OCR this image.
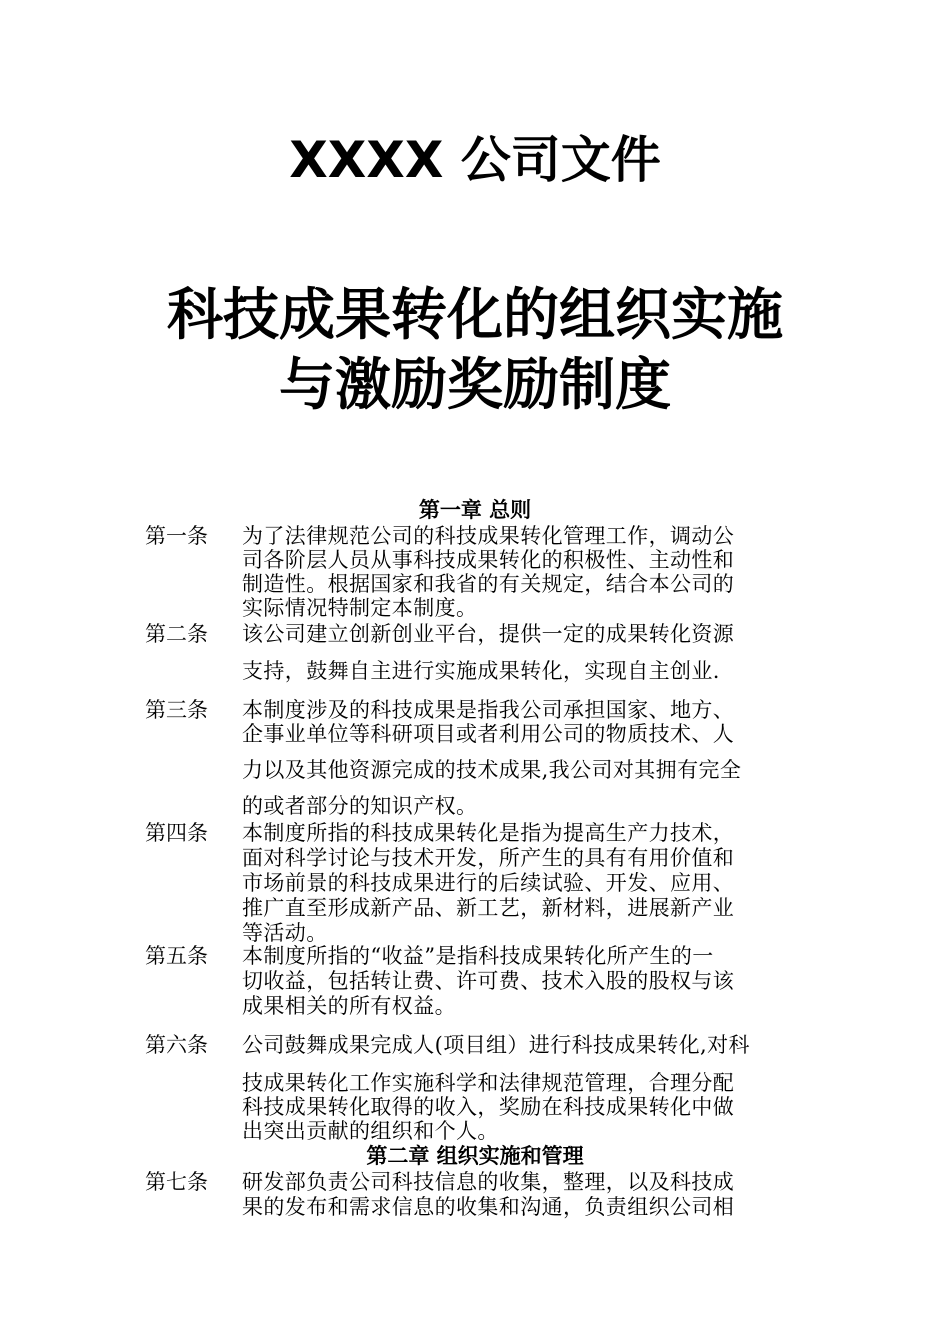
XXXX 公司文件
科技成果转化的组织实施
与激励奖励制度
第一章 总则
第一条 为了法律规范公司的科技成果转化管理工作，调动公
司各阶层人员从事科技成果转化的积极性、主动性和
制造性。根据国家和我省的有关规定，结合本公司的
实际情况特制定本制度。
第二条 该公司建立创新创业平台，提供一定的成果转化资源
支持，鼓舞自主进行实施成果转化，实现自主创业.
第三条 本制度涉及的科技成果是指我公司承担国家、地方、
企事业单位等科研项目或者利用公司的物质技术、人
力以及其他资源完成的技术成果,我公司对其拥有完全
的或者部分的知识产权。
第四条 本制度所指的科技成果转化是指为提高生产力技术，
面对科学讨论与技术开发，所产生的具有有用价值和
市场前景的科技成果进行的后续试验、开发、应用、
推广直至形成新产品、新工艺，新材料，进展新产业
等活动。
第五条 本制度所指的“收益”是指科技成果转化所产生的一
切收益，包括转让费、许可费、技术入股的股权与该
成果相关的所有权益。
第六条 公司鼓舞成果完成人(项目组）进行科技成果转化,对科
技成果转化工作实施科学和法律规范管理，合理分配
科技成果转化取得的收入，奖励在科技成果转化中做
出突出贡献的组织和个人。
第二章 组织实施和管理
第七条 研发部负责公司科技信息的收集，整理，以及科技成
果的发布和需求信息的收集和沟通，负责组织公司相
